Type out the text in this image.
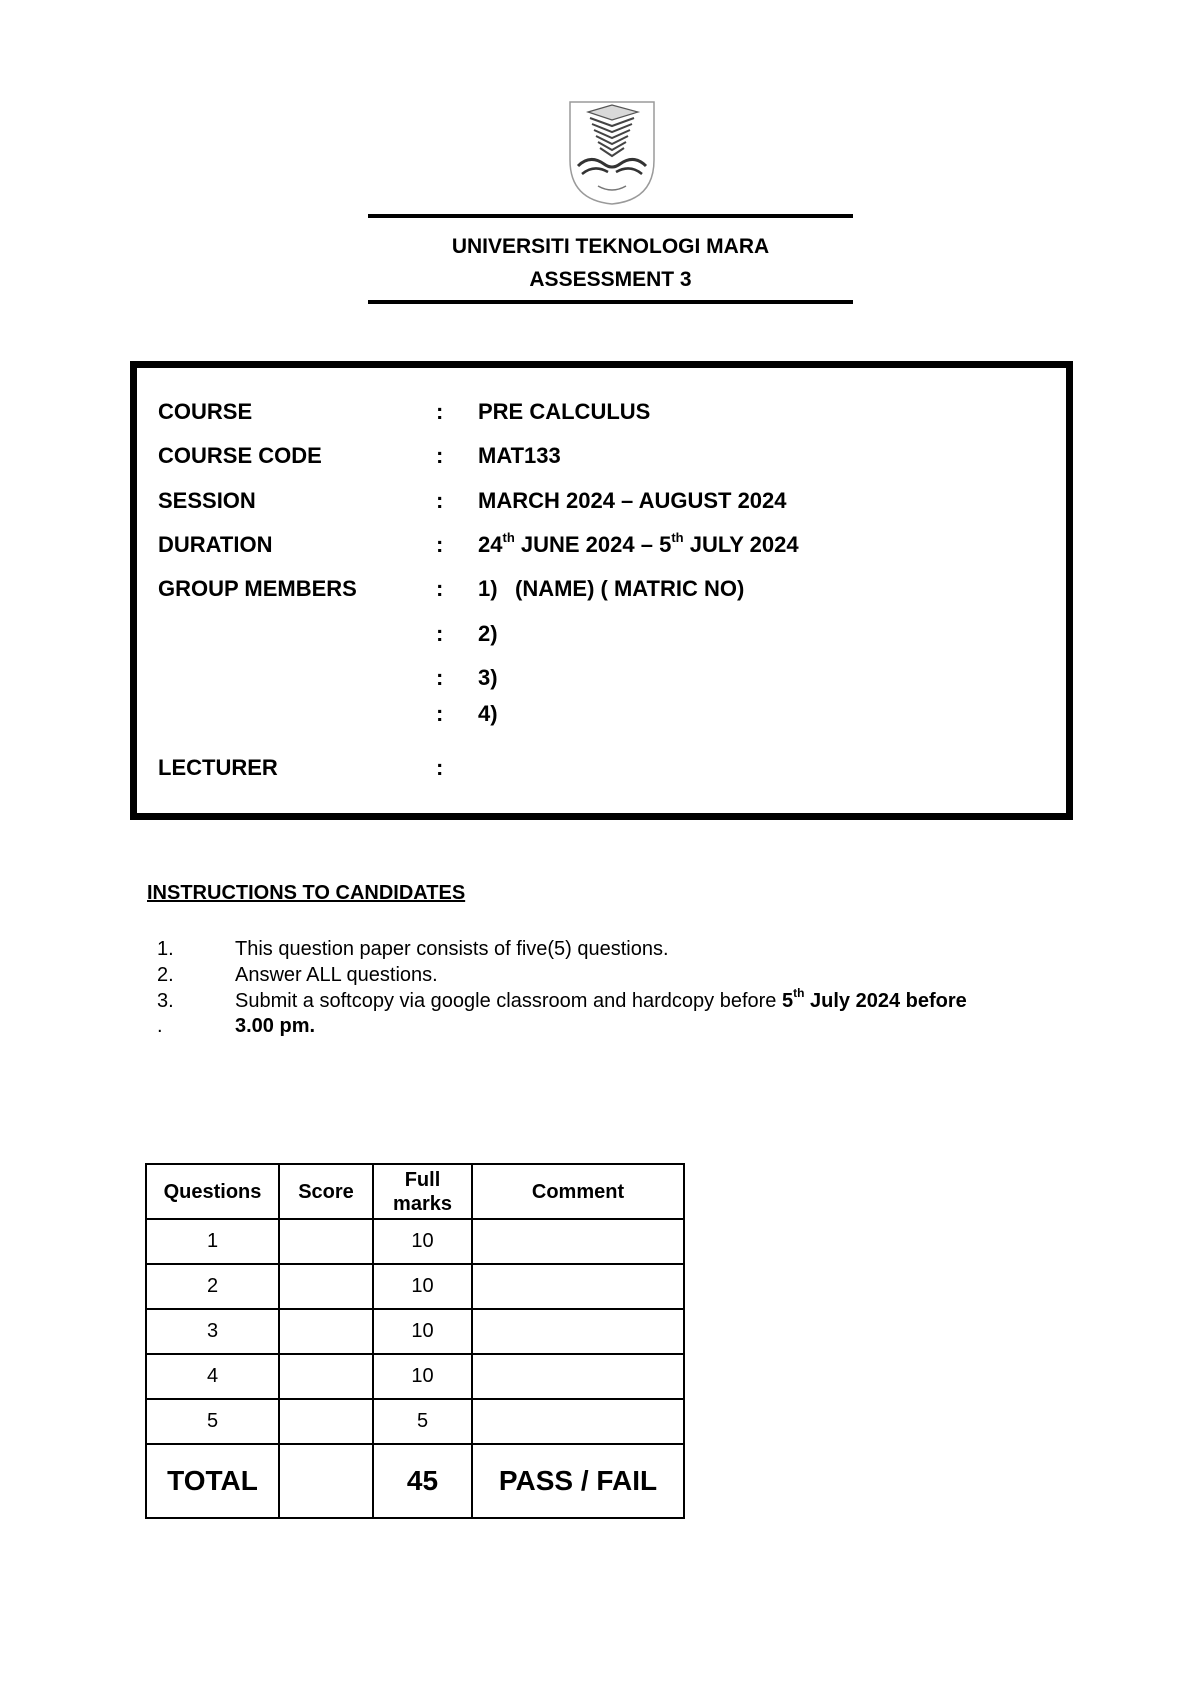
UNIVERSITI TEKNOLOGI MARA
ASSESSMENT 3
COURSE	: PRE CALCULUS
COURSE CODE	: MAT133
SESSION	: MARCH 2024 – AUGUST 2024
DURATION	: 24th JUNE 2024 – 5th JULY 2024
GROUP MEMBERS	: 1) (NAME) ( MATRIC NO)
: 2)
: 3)
: 4)
LECTURER	:
INSTRUCTIONS TO CANDIDATES
1.	This question paper consists of five(5) questions.
2.	Answer ALL questions.
3.	Submit a softcopy via google classroom and hardcopy before 5th July 2024 before
.	3.00 pm.
Questions	Score	Full marks	Comment
1		10	
2		10	
3		10	
4		10	
5		5	
TOTAL		45	PASS / FAIL
